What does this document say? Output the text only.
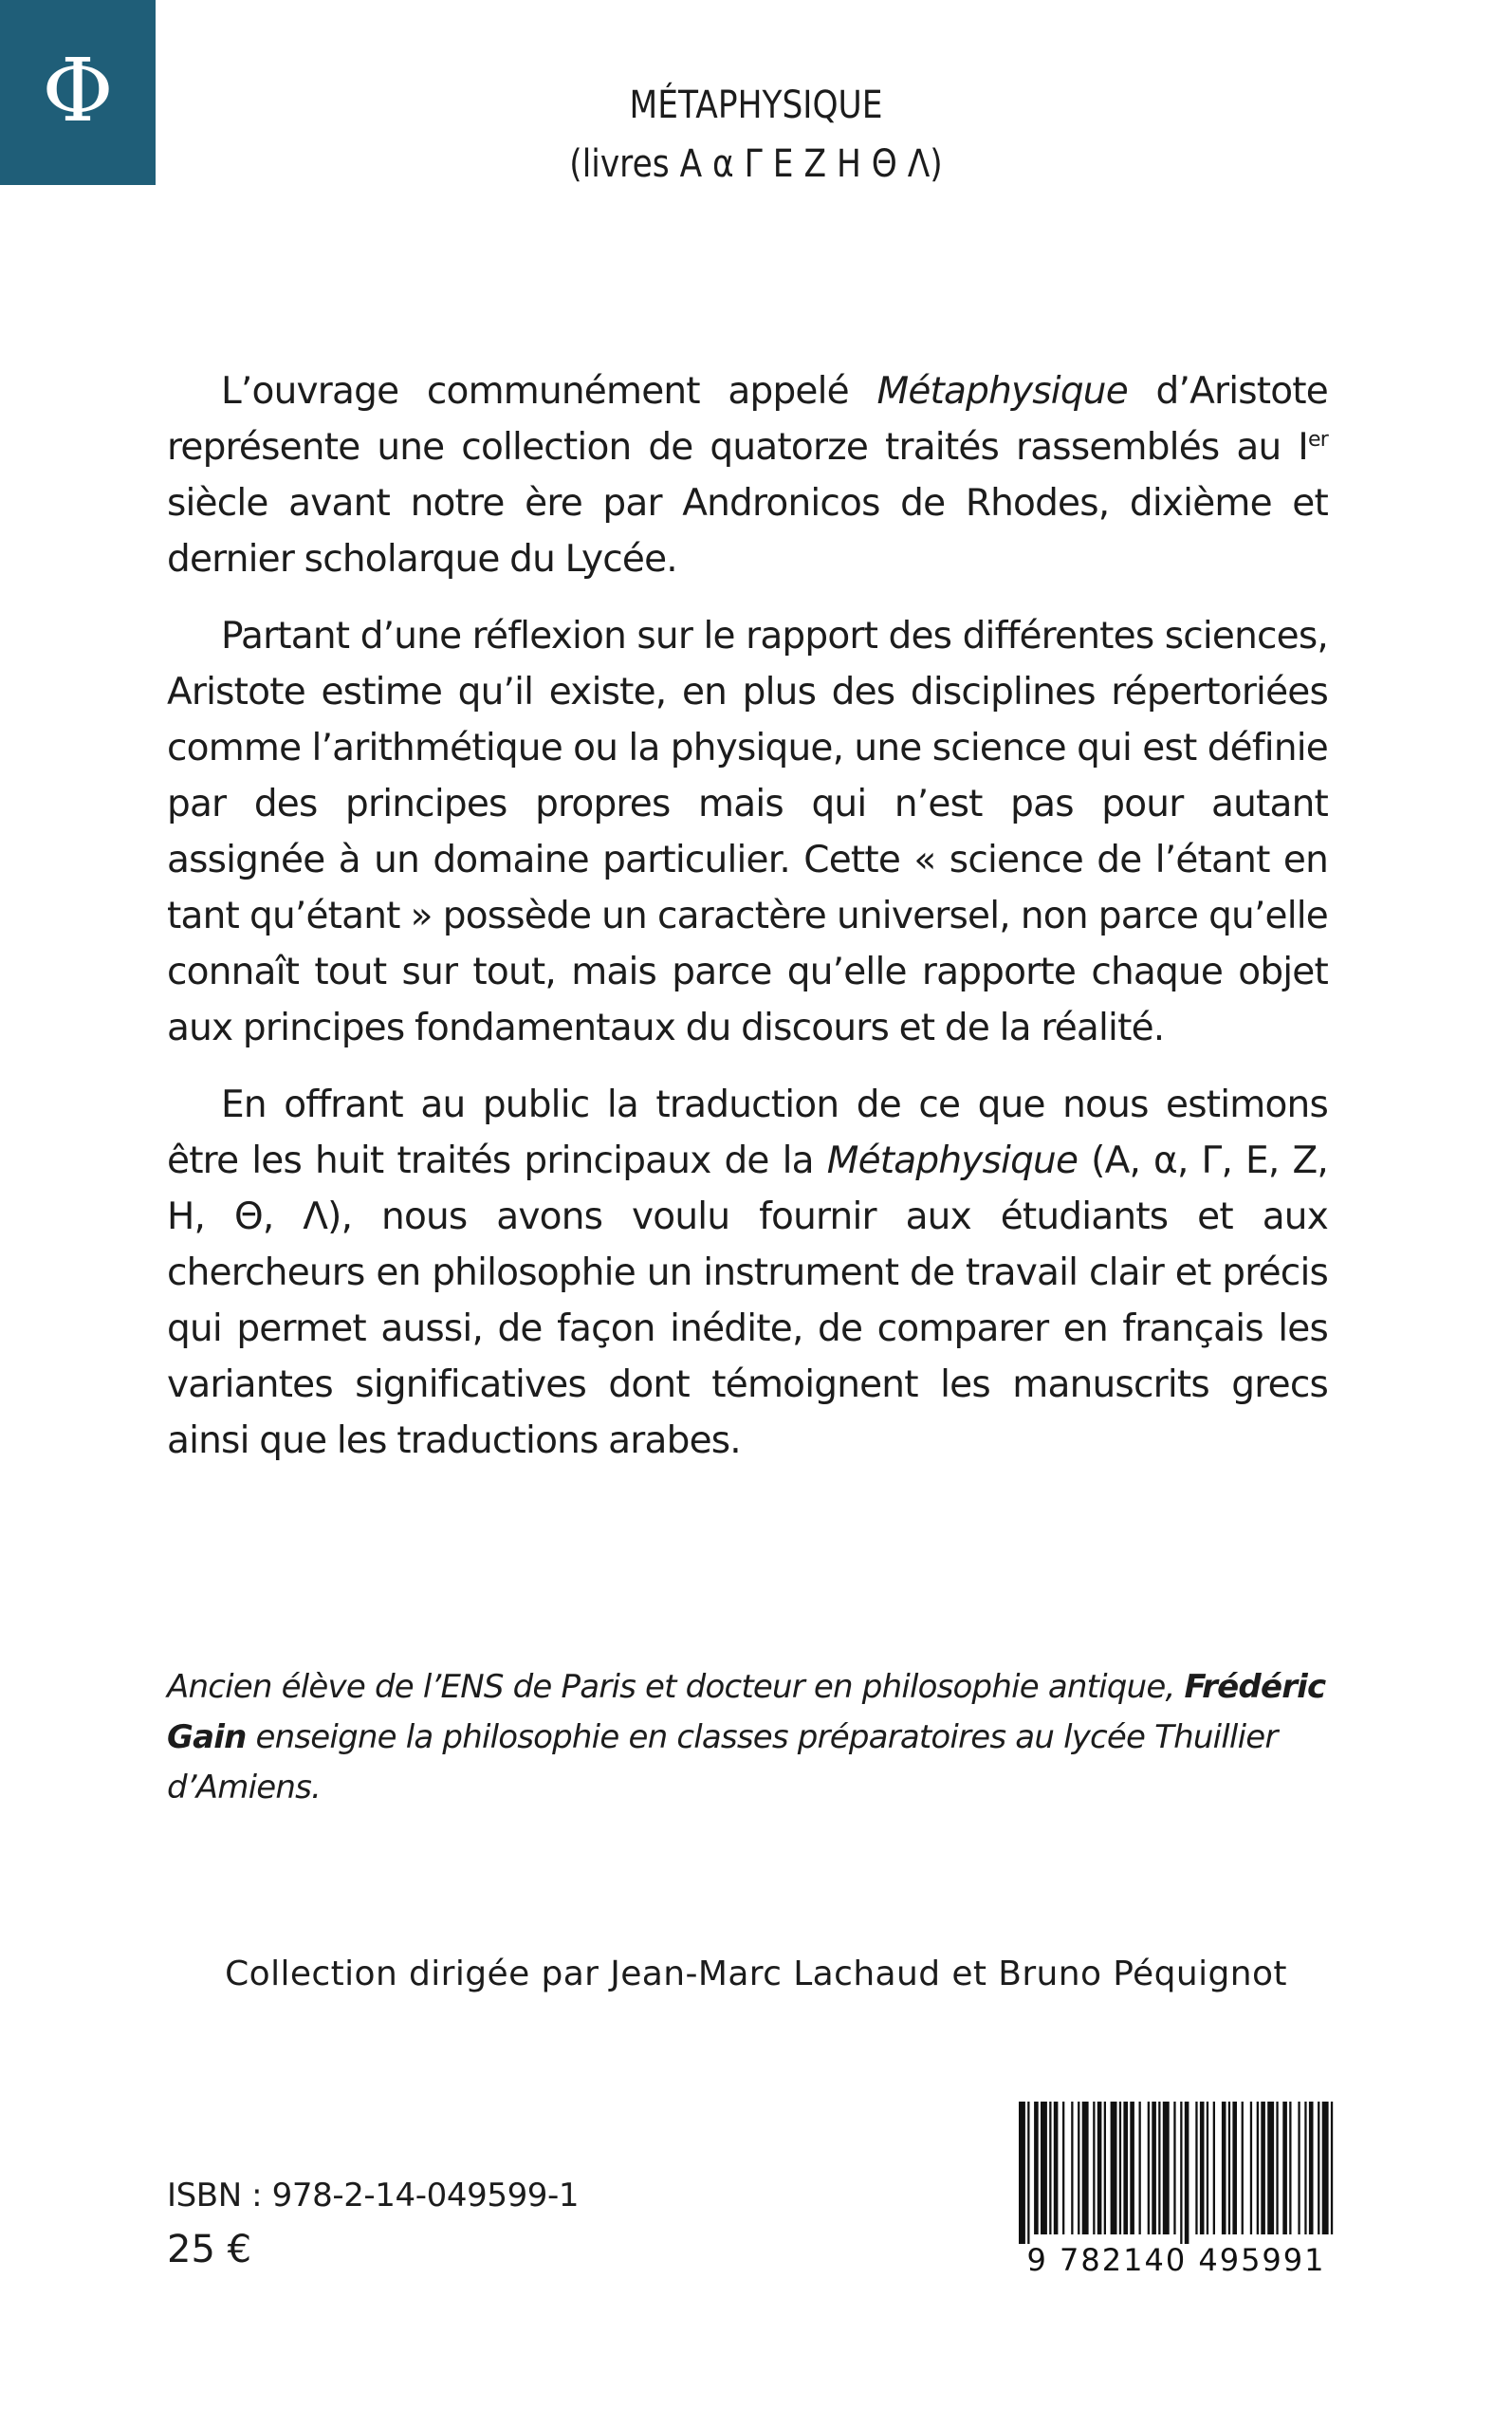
Φ	MÉTAPHYSIQUE
(livres Α α Γ Ε Ζ Η Θ Λ)

L’ouvrage communément appelé Métaphysique d’Aristote représente une collection de quatorze traités rassemblés au Ier siècle avant notre ère par Andronicos de Rhodes, dixième et dernier scholarque du Lycée.

Partant d’une réflexion sur le rapport des différentes sciences, Aristote estime qu’il existe, en plus des disciplines répertoriées comme l’arithmétique ou la physique, une science qui est définie par des principes propres mais qui n’est pas pour autant assignée à un domaine particulier. Cette « science de l’étant en tant qu’étant » possède un caractère universel, non parce qu’elle connaît tout sur tout, mais parce qu’elle rapporte chaque objet aux principes fondamentaux du discours et de la réalité.

En offrant au public la traduction de ce que nous estimons être les huit traités principaux de la Métaphysique (Α, α, Γ, Ε, Ζ, Η, Θ, Λ), nous avons voulu fournir aux étudiants et aux chercheurs en philosophie un instrument de travail clair et précis qui permet aussi, de façon inédite, de comparer en français les variantes significatives dont témoignent les manuscrits grecs ainsi que les traductions arabes.

Ancien élève de l’ENS de Paris et docteur en philosophie antique, Frédéric Gain enseigne la philosophie en classes préparatoires au lycée Thuillier d’Amiens.
Collection dirigée par Jean-Marc Lachaud et Bruno Péquignot
ISBN : 978-2-14-049599-1
25 €	9 782140 495991
